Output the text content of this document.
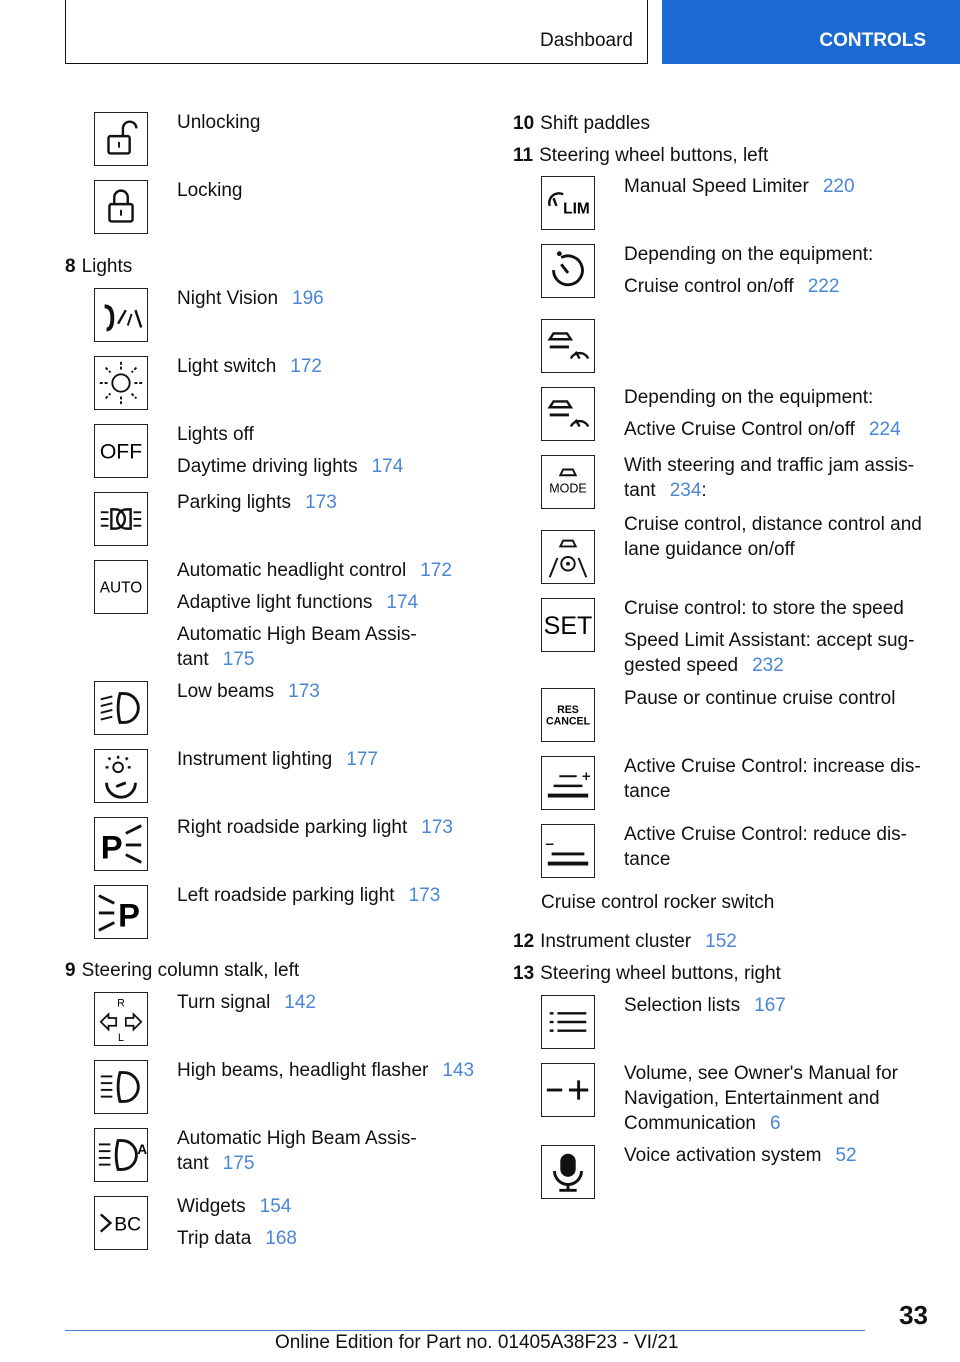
Dashboard	CONTROLS

Unlocking

Locking

Night Vision 196

Light switch 172

OFF

Lights off

Daytime driving lights 174

Parking lights 173

AUTO

Automatic headlight control 172

Adaptive light functions 174

Automatic High Beam Assis-
tant 175

Low beams 173

Instrument lighting 177

P

Right roadside parking light 173

P

Left roadside parking light 173

R
L

Turn signal 142

High beams, headlight flasher 143

A

Automatic High Beam Assis-
tant 175

BC

Widgets 154

Trip data 168

LIM

Manual Speed Limiter 220

Depending on the equipment:

Cruise control on/off 222

Depending on the equipment:

Active Cruise Control on/off 224

MODE

With steering and traffic jam assis-
tant 234:

Cruise control, distance control and
lane guidance on/off

SET

Cruise control: to store the speed

Speed Limit Assistant: accept sug-
gested speed 232

RES
CANCEL

Pause or continue cruise control

Active Cruise Control: increase dis-
tance

Active Cruise Control: reduce dis-
tance

Selection lists 167

Volume, see Owner's Manual for
Navigation, Entertainment and
Communication 6

Voice activation system 52

8 Lights
9 Steering column stalk, left
10 Shift paddles
11 Steering wheel buttons, left
12 Instrument cluster 152
13 Steering wheel buttons, right
Cruise control rocker switch
33
Online Edition for Part no. 01405A38F23 - VI/21
